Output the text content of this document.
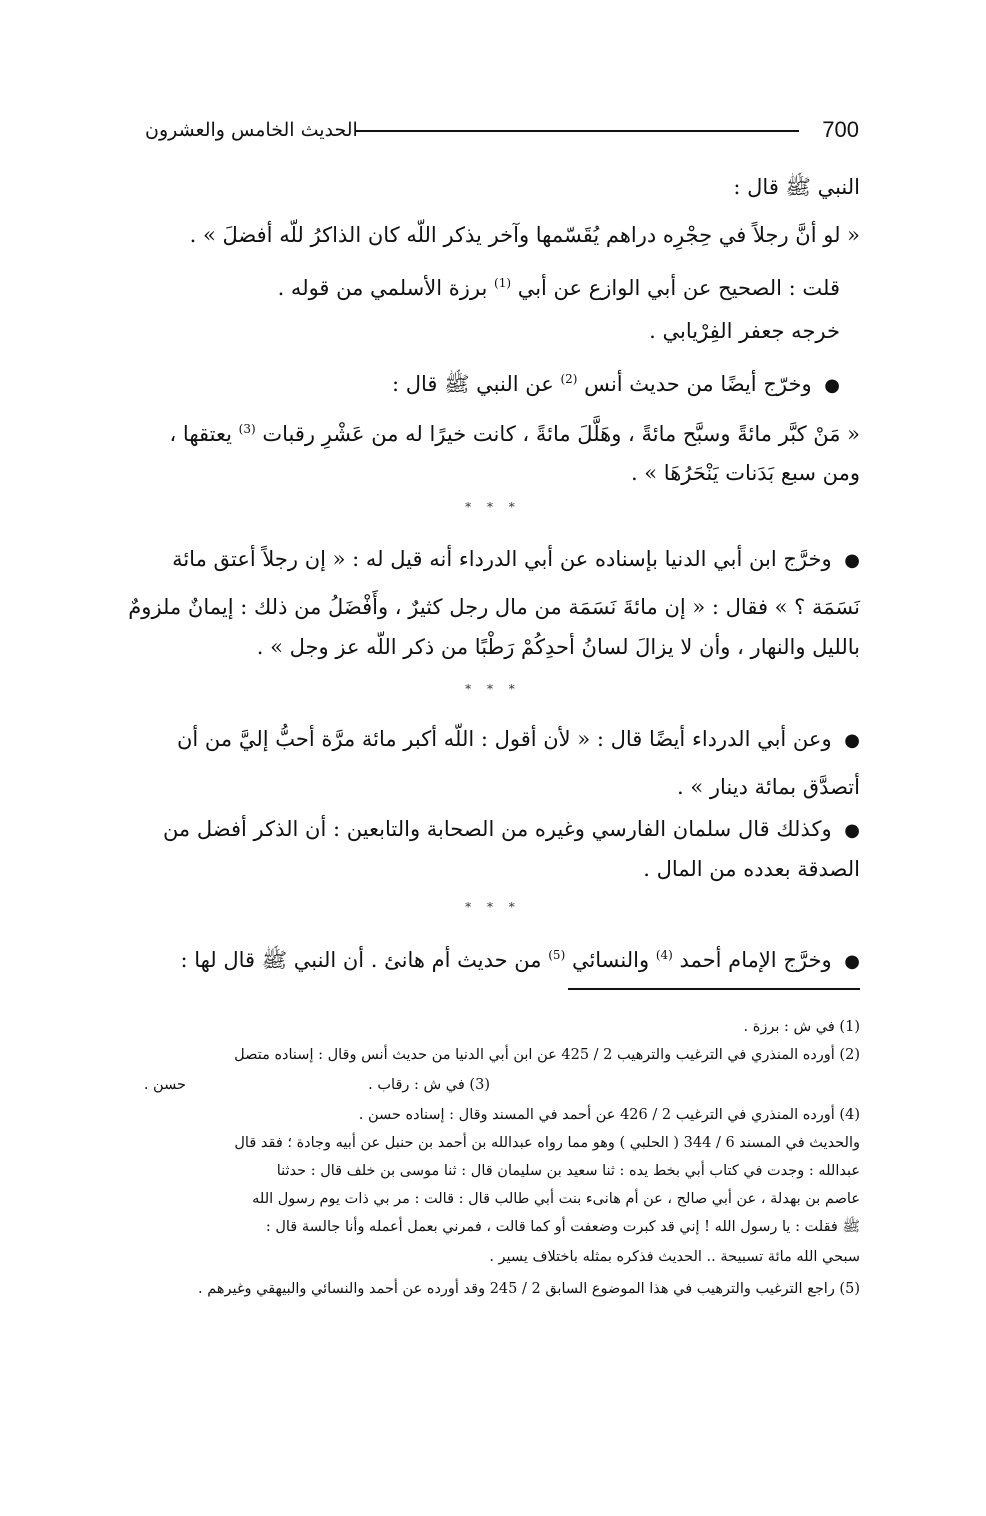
700
الحديث الخامس والعشرون
النبي ﷺ قال :
« لو أنَّ رجلاً في حِجْرِه دراهم يُقَسّمها وآخر يذكر اللّه كان الذاكرُ للّه أفضلَ » .
قلت : الصحيح عن أبي الوازع عن أبي $^{(1)}$ برزة الأسلمي من قوله .
خرجه جعفر الفِرْيابي .
● وخرّج أيضًا من حديث أنس $^{(2)}$ عن النبي ﷺ قال :
« مَنْ كبَّر مائةً وسبَّح مائةً ، وهَلَّلَ مائةً ، كانت خيرًا له من عَشْرِ رقبات $^{(3)}$ يعتقها ،
ومن سبع بَدَنات يَنْحَرُهَا » .
* * *
● وخرَّج ابن أبي الدنيا بإسناده عن أبي الدرداء أنه قيل له : « إن رجلاً أعتق مائة
نَسَمَة ؟ » فقال : « إن مائةَ نَسَمَة من مال رجل كثيرٌ ، وأَفْضَلُ من ذلك : إيمانٌ ملزومٌ
بالليل والنهار ، وأن لا يزالَ لسانُ أحدِكُمْ رَطْبًا من ذكر اللّه عز وجل » .
* * *
● وعن أبي الدرداء أيضًا قال : « لأن أقول : اللّه أكبر مائة مرَّة أحبُّ إليَّ من أن
أتصدَّق بمائة دينار » .
● وكذلك قال سلمان الفارسي وغيره من الصحابة والتابعين : أن الذكر أفضل من
الصدقة بعدده من المال .
* * *
● وخرَّج الإمام أحمد $^{(4)}$ والنسائي $^{(5)}$ من حديث أم هانئ . أن النبي ﷺ قال لها :
(1) في ش : برزة .
(2) أورده المنذري في الترغيب والترهيب 2 / 425 عن ابن أبي الدنيا من حديث أنس وقال : إسناده متصل
حسن .	(3) في ش : رقاب .
(4) أورده المنذري في الترغيب 2 / 426 عن أحمد في المسند وقال : إسناده حسن .
والحديث في المسند 6 / 344 ( الحلبي ) وهو مما رواه عبدالله بن أحمد بن حنبل عن أبيه وجادة ؛ فقد قال
عبدالله : وجدت في كتاب أبي بخط يده : ثنا سعيد بن سليمان قال : ثنا موسى بن خلف قال : حدثنا
عاصم بن بهدلة ، عن أبي صالح ، عن أم هانىء بنت أبي طالب قال : قالت : مر بي ذات يوم رسول الله
ﷺ فقلت : يا رسول الله ! إني قد كبرت وضعفت أو كما قالت ، فمرني بعمل أعمله وأنا جالسة قال :
سبحي الله مائة تسبيحة .. الحديث فذكره بمثله باختلاف يسير .
(5) راجع الترغيب والترهيب في هذا الموضوع السابق 2 / 245 وقد أورده عن أحمد والنسائي والبيهقي وغيرهم .
